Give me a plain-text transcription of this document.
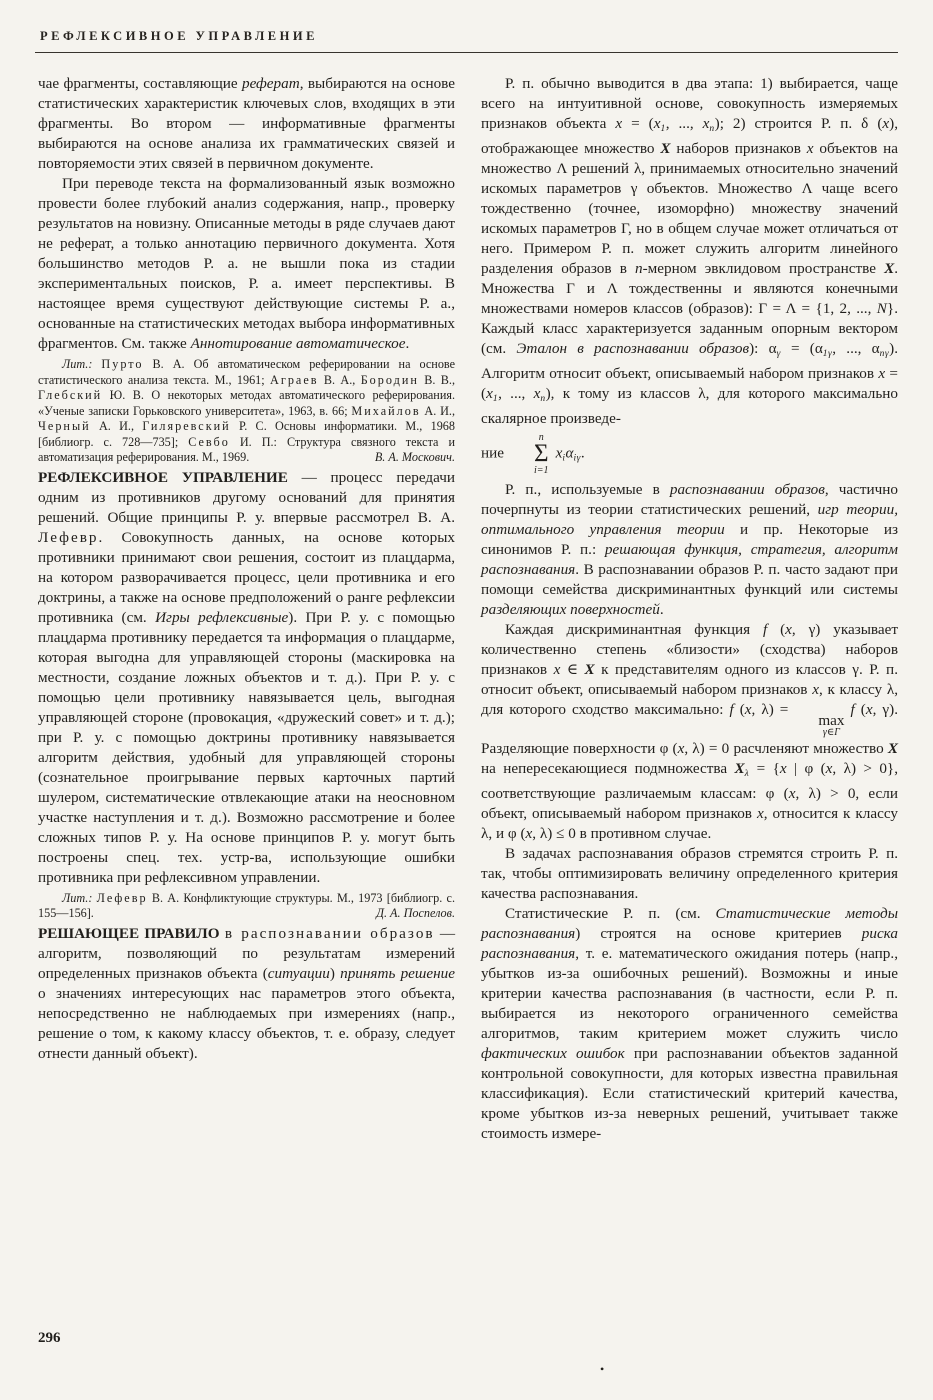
РЕФЛЕКСИВНОЕ УПРАВЛЕНИЕ

чае фрагменты, составляющие реферат, выбираются на основе статистических характеристик ключевых слов, входящих в эти фрагменты. Во втором — информативные фрагменты выбираются на основе анализа их грамматических связей и повторяемости этих связей в первичном документе.

При переводе текста на формализованный язык возможно провести более глубокий анализ содержания, напр., проверку результатов на новизну. Описанные методы в ряде случаев дают не реферат, а только аннотацию первичного документа. Хотя большинство методов Р. а. не вышли пока из стадии экспериментальных поисков, Р. а. имеет перспективы. В настоящее время существуют действующие системы Р. а., основанные на статистических методах выбора информативных фрагментов. См. также Аннотирование автоматическое.

Лит.: Пурто В. А. Об автоматическом реферировании на основе статистического анализа текста. М., 1961; Аграев В. А., Бородин В. В., Глебский Ю. В. О некоторых методах автоматического реферирования. «Ученые записки Горьковского университета», 1963, в. 66; Михайлов А. И., Черный А. И., Гиляревский Р. С. Основы информатики. М., 1968 [библиогр. с. 728—735]; Севбо И. П.: Структура связного текста и автоматизация реферирования. М., 1969.	В. А. Москович.

РЕФЛЕКСИВНОЕ УПРАВЛЕНИЕ — процесс передачи одним из противников другому оснований для принятия решений. Общие принципы Р. у. впервые рассмотрел В. А. Лефевр. Совокупность данных, на основе которых противники принимают свои решения, состоит из плацдарма, на котором разворачивается процесс, цели противника и его доктрины, а также на основе предположений о ранге рефлексии противника (см. Игры рефлексивные). При Р. у. с помощью плацдарма противнику передается та информация о плацдарме, которая выгодна для управляющей стороны (маскировка на местности, создание ложных объектов и т. д.). При Р. у. с помощью цели противнику навязывается цель, выгодная управляющей стороне (провокация, «дружеский совет» и т. д.); при Р. у. с помощью доктрины противнику навязывается алгоритм действия, удобный для управляющей стороны (сознательное проигрывание первых карточных партий шулером, систематические отвлекающие атаки на неосновном участке наступления и т. д.). Возможно рассмотрение и более сложных типов Р. у. На основе принципов Р. у. могут быть построены спец. тех. устр-ва, использующие ошибки противника при рефлексивном управлении.

Лит.: Лефевр В. А. Конфликтующие структуры. М., 1973 [библиогр. с. 155—156].	Д. А. Поспелов.

РЕШАЮЩЕЕ ПРАВИЛО в распознавании образов — алгоритм, позволяющий по результатам измерений определенных признаков объекта (ситуации) принять решение о значениях интересующих нас параметров этого объекта, непосредственно не наблюдаемых при измерениях (напр., решение о том, к какому классу объектов, т. е. образу, следует отнести данный объект).

Р. п. обычно выводится в два этапа: 1) выбирается, чаще всего на интуитивной основе, совокупность измеряемых признаков объекта x = (x1, ..., xn); 2) строится Р. п. δ (x), отображающее множество X наборов признаков x объектов на множество Λ решений λ, принимаемых относительно значений искомых параметров γ объектов. Множество Λ чаще всего тождественно (точнее, изоморфно) множеству значений искомых параметров Γ, но в общем случае может отличаться от него. Примером Р. п. может служить алгоритм линейного разделения образов в n-мерном эвклидовом пространстве X. Множества Γ и Λ тождественны и являются конечными множествами номеров классов (образов): Γ = Λ = {1, 2, ..., N}. Каждый класс характеризуется заданным опорным вектором (см. Эталон в распознавании образов): αγ = (α1γ, ..., αnγ). Алгоритм относит объект, описываемый набором признаков x = (x1, ..., xn), к тому из классов λ, для которого максимально скалярное произведе-

ние
n
Σ
i=1
xiαiγ.

Р. п., используемые в распознавании образов, частично почерпнуты из теории статистических решений, игр теории, оптимального управления теории и пр. Некоторые из синонимов Р. п.: решающая функция, стратегия, алгоритм распознавания. В распознавании образов Р. п. часто задают при помощи семейства дискриминантных функций или системы разделяющих поверхностей.

Каждая дискриминантная функция f (x, γ) указывает количественно степень «близости» (сходства) наборов признаков x ∈ X к представителям одного из классов γ. Р. п. относит объект, описываемый набором признаков x, к классу λ, для которого сходство максимально: f (x, λ) =
max
γ∈Γ
f (x, γ). Разделяющие поверхности φ (x, λ) = 0 расчленяют множество X на непересекающиеся подмножества Xλ = {x | φ (x, λ) > 0}, соответствующие различаемым классам: φ (x, λ) > 0, если объект, описываемый набором признаков x, относится к классу λ, и φ (x, λ) ≤ 0 в противном случае.

В задачах распознавания образов стремятся строить Р. п. так, чтобы оптимизировать величину определенного критерия качества распознавания.

Статистические Р. п. (см. Статистические методы распознавания) строятся на основе критериев риска распознавания, т. е. математического ожидания потерь (напр., убытков из-за ошибочных решений). Возможны и иные критерии качества распознавания (в частности, если Р. п. выбирается из некоторого ограниченного семейства алгоритмов, таким критерием может служить число фактических ошибок при распознавании объектов заданной контрольной совокупности, для которых известна правильная классификация). Если статистический критерий качества, кроме убытков из-за неверных решений, учитывает также стоимость измере-

296
•
